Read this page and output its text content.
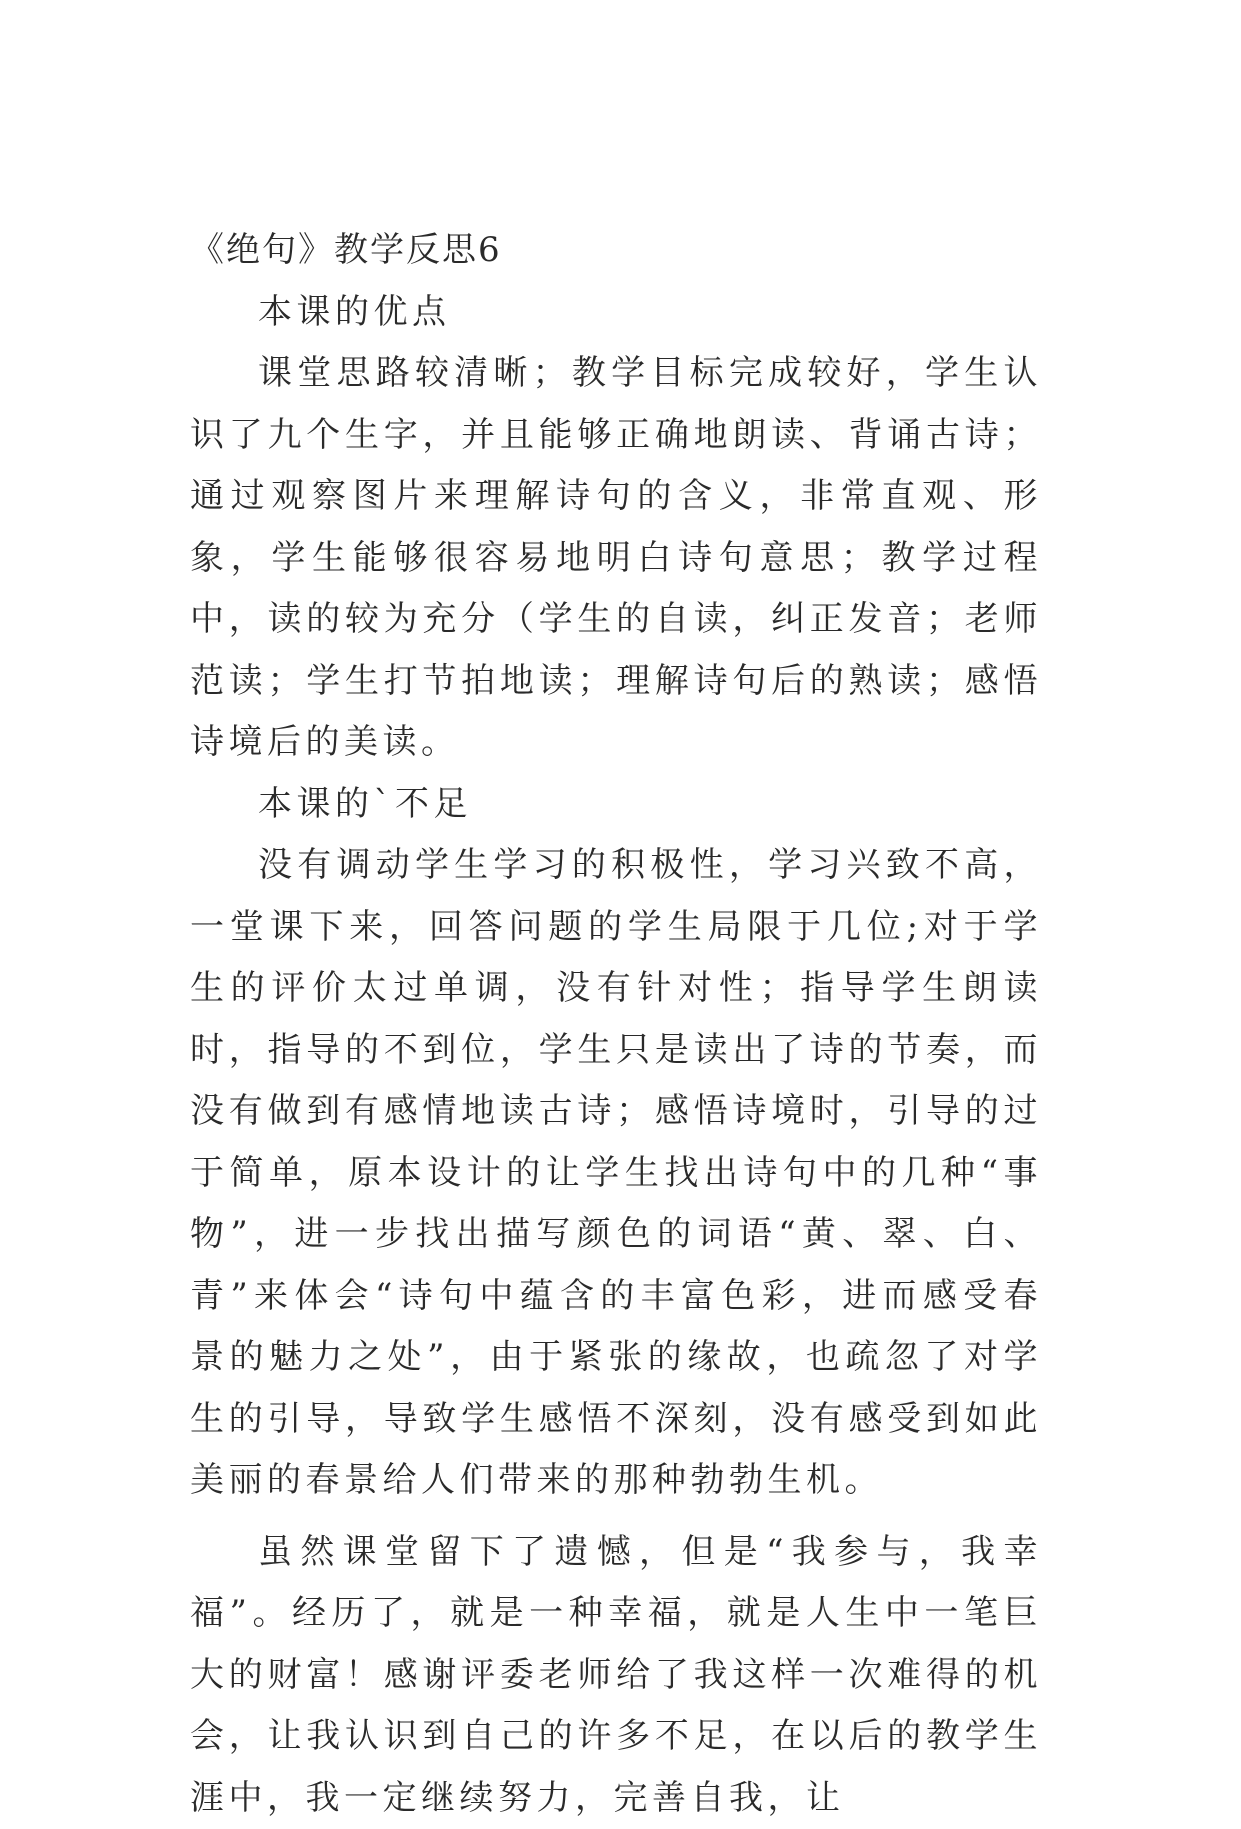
《绝句》教学反思6

本课的优点

课堂思路较清晰；教学目标完成较好，学生认识了九个生字，并且能够正确地朗读、背诵古诗；通过观察图片来理解诗句的含义，非常直观、形象，学生能够很容易地明白诗句意思；教学过程中，读的较为充分（学生的自读，纠正发音；老师范读；学生打节拍地读；理解诗句后的熟读；感悟诗境后的美读。

本课的`不足

没有调动学生学习的积极性，学习兴致不高，一堂课下来，回答问题的学生局限于几位;对于学生的评价太过单调，没有针对性；指导学生朗读时，指导的不到位，学生只是读出了诗的节奏，而没有做到有感情地读古诗；感悟诗境时，引导的过于简单，原本设计的让学生找出诗句中的几种“事物”，进一步找出描写颜色的词语“黄、翠、白、青”来体会“诗句中蕴含的丰富色彩，进而感受春景的魅力之处”，由于紧张的缘故，也疏忽了对学生的引导，导致学生感悟不深刻，没有感受到如此美丽的春景给人们带来的那种勃勃生机。

虽然课堂留下了遗憾，但是“我参与，我幸福”。经历了，就是一种幸福，就是人生中一笔巨大的财富！感谢评委老师给了我这样一次难得的机会，让我认识到自己的许多不足，在以后的教学生涯中，我一定继续努力，完善自我，让
